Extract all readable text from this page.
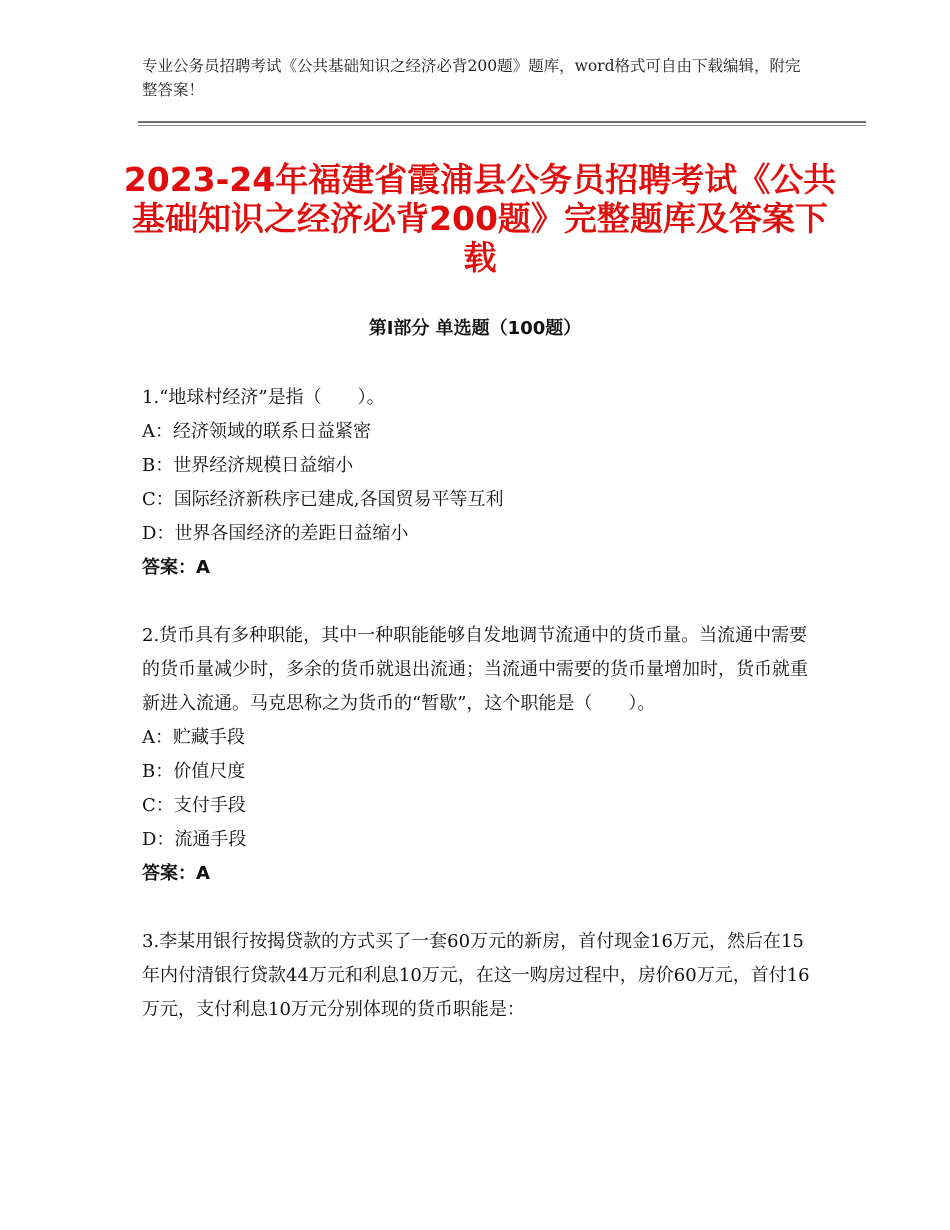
专业公务员招聘考试《公共基础知识之经济必背200题》题库，word格式可自由下载编辑，附完整答案！
2023-24年福建省霞浦县公务员招聘考试《公共基础知识之经济必背200题》完整题库及答案下载
第Ⅰ部分 单选题（100题）
1.“地球村经济”是指（　　）。
A：经济领域的联系日益紧密
B：世界经济规模日益缩小
C：国际经济新秩序已建成,各国贸易平等互利
D：世界各国经济的差距日益缩小
答案：A
2.货币具有多种职能，其中一种职能能够自发地调节流通中的货币量。当流通中需要的货币量减少时，多余的货币就退出流通；当流通中需要的货币量增加时，货币就重新进入流通。马克思称之为货币的“暂歇”，这个职能是（　　）。
A：贮藏手段
B：价值尺度
C：支付手段
D：流通手段
答案：A
3.李某用银行按揭贷款的方式买了一套60万元的新房，首付现金16万元，然后在15年内付清银行贷款44万元和利息10万元，在这一购房过程中，房价60万元，首付16万元，支付利息10万元分别体现的货币职能是：
